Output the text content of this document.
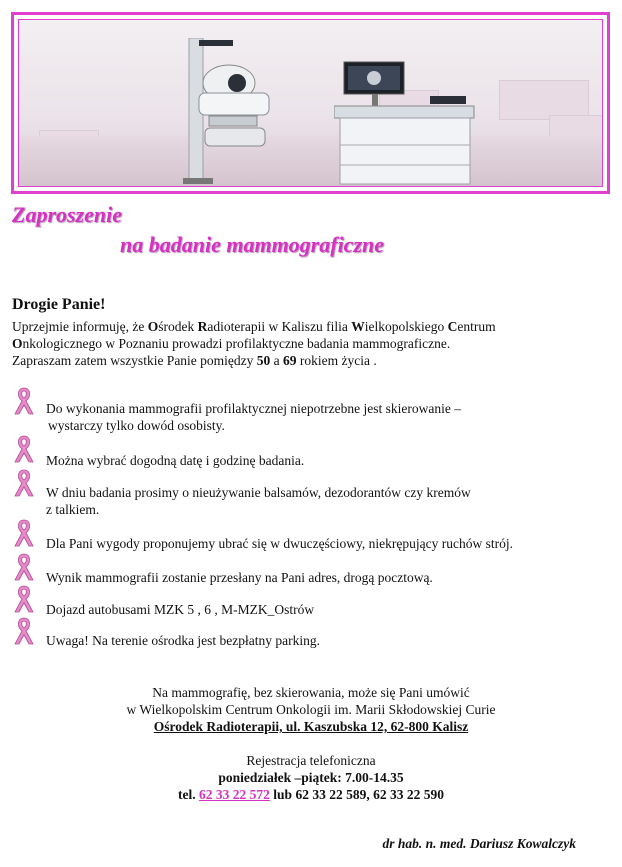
Zaproszenie
na badanie mammograficzne

Drogie Panie!

Uprzejmie informuję, że Ośrodek Radioterapii w Kaliszu filia Wielkopolskiego Centrum
Onkologicznego w Poznaniu prowadzi profilaktyczne badania mammograficzne.
Zapraszam zatem wszystkie Panie pomiędzy 50 a 69 rokiem życia .

Do wykonania mammografii profilaktycznej niepotrzebne jest skierowanie –
wystarczy tylko dowód osobisty.
Można wybrać dogodną datę i godzinę badania.
W dniu badania prosimy o nieużywanie balsamów, dezodorantów czy kremów
z talkiem.
Dla Pani wygody proponujemy ubrać się w dwuczęściowy, niekrępujący ruchów strój.
Wynik mammografii zostanie przesłany na Pani adres, drogą pocztową.
Dojazd autobusami MZK 5 , 6 , M-MZK_Ostrów
Uwaga! Na terenie ośrodka jest bezpłatny parking.

Na mammografię, bez skierowania, może się Pani umówić

w Wielkopolskim Centrum Onkologii im. Marii Skłodowskiej Curie

Ośrodek Radioterapii, ul. Kaszubska 12, 62-800 Kalisz

Rejestracja telefoniczna

poniedziałek –piątek: 7.00-14.35

tel. 62 33 22 572 lub 62 33 22 589, 62 33 22 590

dr hab. n. med. Dariusz Kowalczyk
